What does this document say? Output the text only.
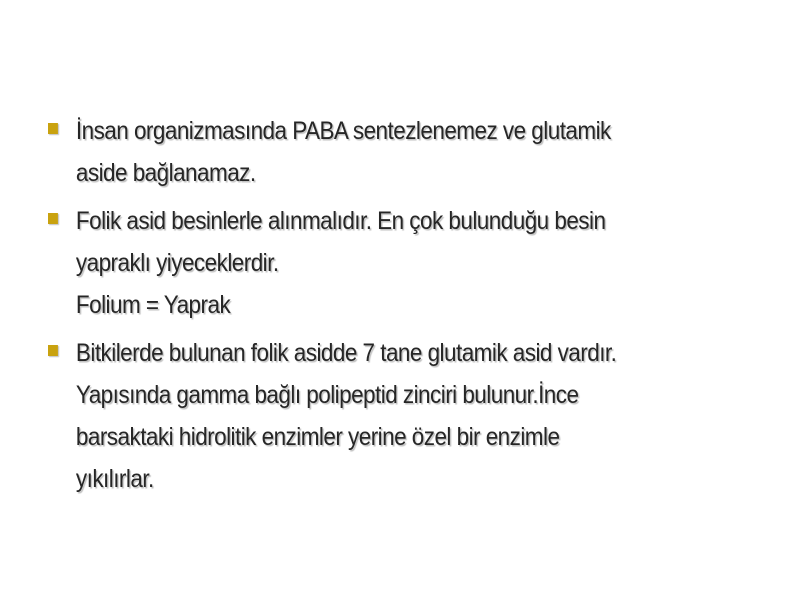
İnsan organizmasında PABA sentezlenemez ve glutamik
aside bağlanamaz.
Folik asid besinlerle alınmalıdır. En çok bulunduğu besin
yapraklı yiyeceklerdir.
Folium = Yaprak
Bitkilerde bulunan folik asidde 7 tane glutamik asid vardır.
Yapısında gamma bağlı polipeptid zinciri bulunur.İnce
barsaktaki hidrolitik enzimler yerine özel bir enzimle
yıkılırlar.
